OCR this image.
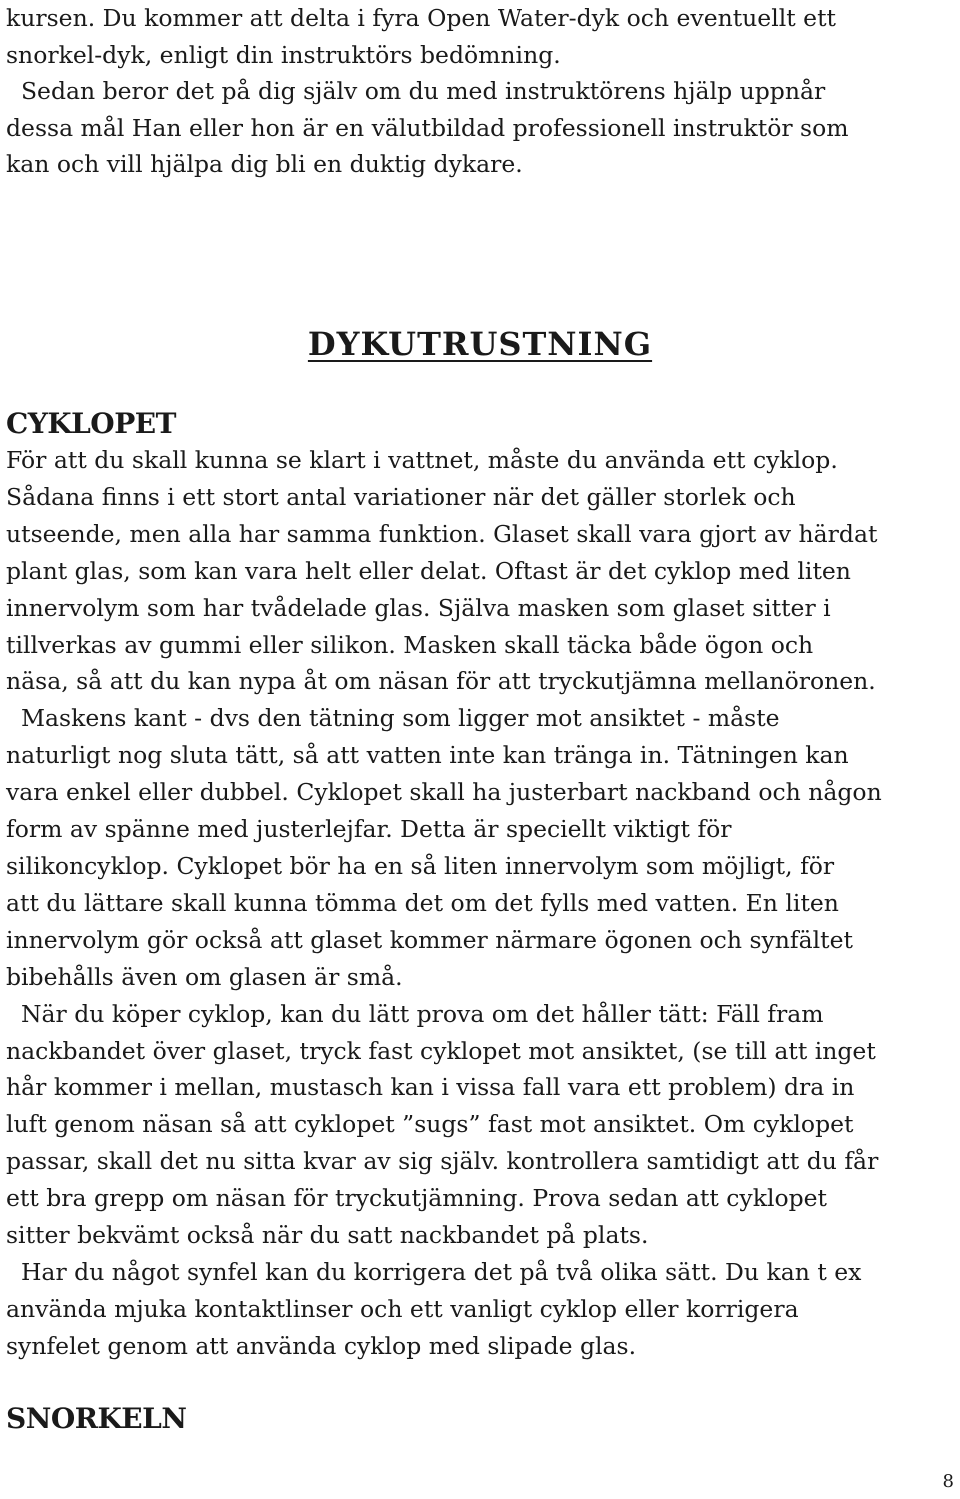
kursen. Du kommer att delta i fyra Open Water-dyk och eventuellt ett
snorkel-dyk, enligt din instruktörs bedömning.
Sedan beror det på dig själv om du med instruktörens hjälp uppnår
dessa mål Han eller hon är en välutbildad professionell instruktör som
kan och vill hjälpa dig bli en duktig dykare.
DYKUTRUSTNING
CYKLOPET
För att du skall kunna se klart i vattnet, måste du använda ett cyklop.
Sådana finns i ett stort antal variationer när det gäller storlek och
utseende, men alla har samma funktion. Glaset skall vara gjort av härdat
plant glas, som kan vara helt eller delat. Oftast är det cyklop med liten
innervolym som har tvådelade glas. Själva masken som glaset sitter i
tillverkas av gummi eller silikon. Masken skall täcka både ögon och
näsa, så att du kan nypa åt om näsan för att tryckutjämna mellanöronen.
Maskens kant - dvs den tätning som ligger mot ansiktet - måste
naturligt nog sluta tätt, så att vatten inte kan tränga in. Tätningen kan
vara enkel eller dubbel. Cyklopet skall ha justerbart nackband och någon
form av spänne med justerlejfar. Detta är speciellt viktigt för
silikoncyklop. Cyklopet bör ha en så liten innervolym som möjligt, för
att du lättare skall kunna tömma det om det fylls med vatten. En liten
innervolym gör också att glaset kommer närmare ögonen och synfältet
bibehålls även om glasen är små.
När du köper cyklop, kan du lätt prova om det håller tätt: Fäll fram
nackbandet över glaset, tryck fast cyklopet mot ansiktet, (se till att inget
hår kommer i mellan, mustasch kan i vissa fall vara ett problem) dra in
luft genom näsan så att cyklopet ”sugs” fast mot ansiktet. Om cyklopet
passar, skall det nu sitta kvar av sig själv. kontrollera samtidigt att du får
ett bra grepp om näsan för tryckutjämning. Prova sedan att cyklopet
sitter bekvämt också när du satt nackbandet på plats.
Har du något synfel kan du korrigera det på två olika sätt. Du kan t ex
använda mjuka kontaktlinser och ett vanligt cyklop eller korrigera
synfelet genom att använda cyklop med slipade glas.
SNORKELN

8
